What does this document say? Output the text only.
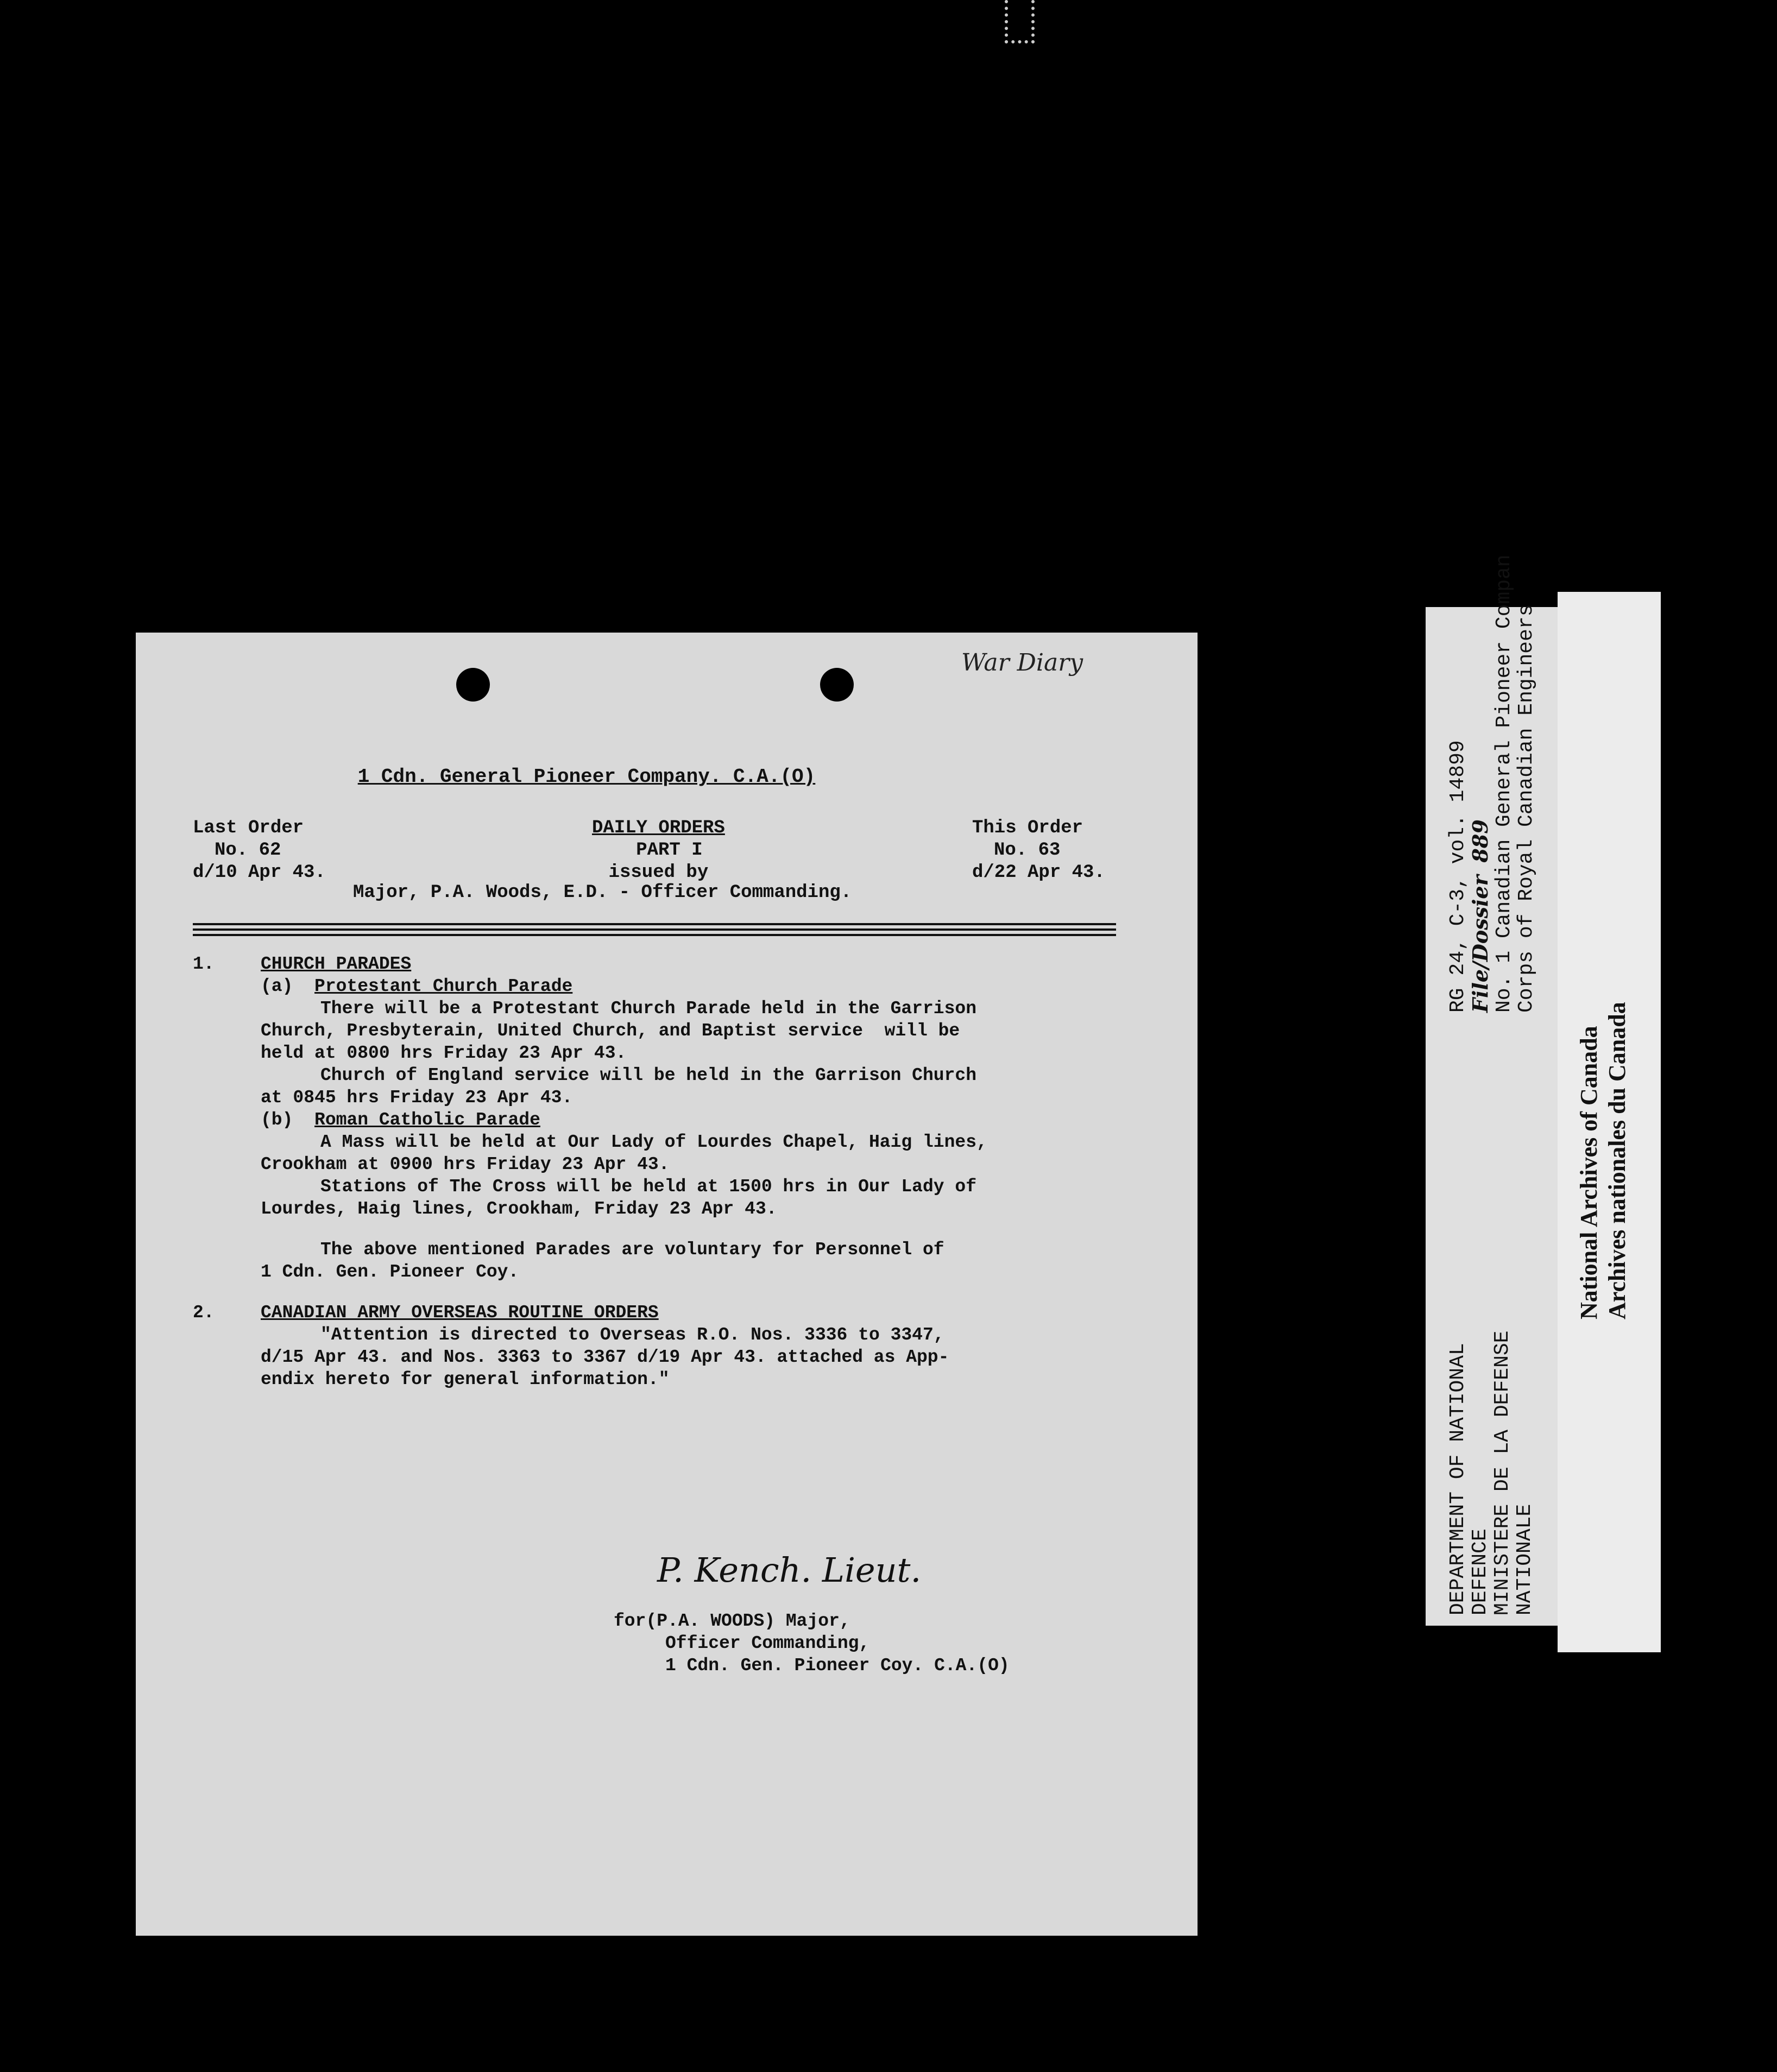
War Diary
1 Cdn. General Pioneer Company. C.A.(O)
Last Order
No. 62
d/10 Apr 43.
DAILY ORDERS
PART I
issued by
This Order
No. 63
d/22 Apr 43.
Major, P.A. Woods, E.D. - Officer Commanding.
1.	CHURCH PARADES
(a) Protestant Church Parade
There will be a Protestant Church Parade held in the Garrison
Church, Presbyterain, United Church, and Baptist service  will be
held at 0800 hrs Friday 23 Apr 43.
Church of England service will be held in the Garrison Church
at 0845 hrs Friday 23 Apr 43.
(b) Roman Catholic Parade
A Mass will be held at Our Lady of Lourdes Chapel, Haig lines,
Crookham at 0900 hrs Friday 23 Apr 43.
Stations of The Cross will be held at 1500 hrs in Our Lady of
Lourdes, Haig lines, Crookham, Friday 23 Apr 43.
The above mentioned Parades are voluntary for Personnel of
1 Cdn. Gen. Pioneer Coy.
2.	CANADIAN ARMY OVERSEAS ROUTINE ORDERS
"Attention is directed to Overseas R.O. Nos. 3336 to 3347,
d/15 Apr 43. and Nos. 3363 to 3367 d/19 Apr 43. attached as App-
endix hereto for general information."
P. Kench. Lieut.
for(P.A. WOODS) Major,
Officer Commanding,
1 Cdn. Gen. Pioneer Coy. C.A.(O)
DEPARTMENT OF NATIONAL
DEFENCE
MINISTERE DE LA DEFENSE
NATIONALE
RG 24, C-3, vol. 14899
File/Dossier 889 No. 1 Canadian General Pioneer Compan
Corps of Royal Canadian Engineers
National Archives of Canada Archives nationales du Canada
